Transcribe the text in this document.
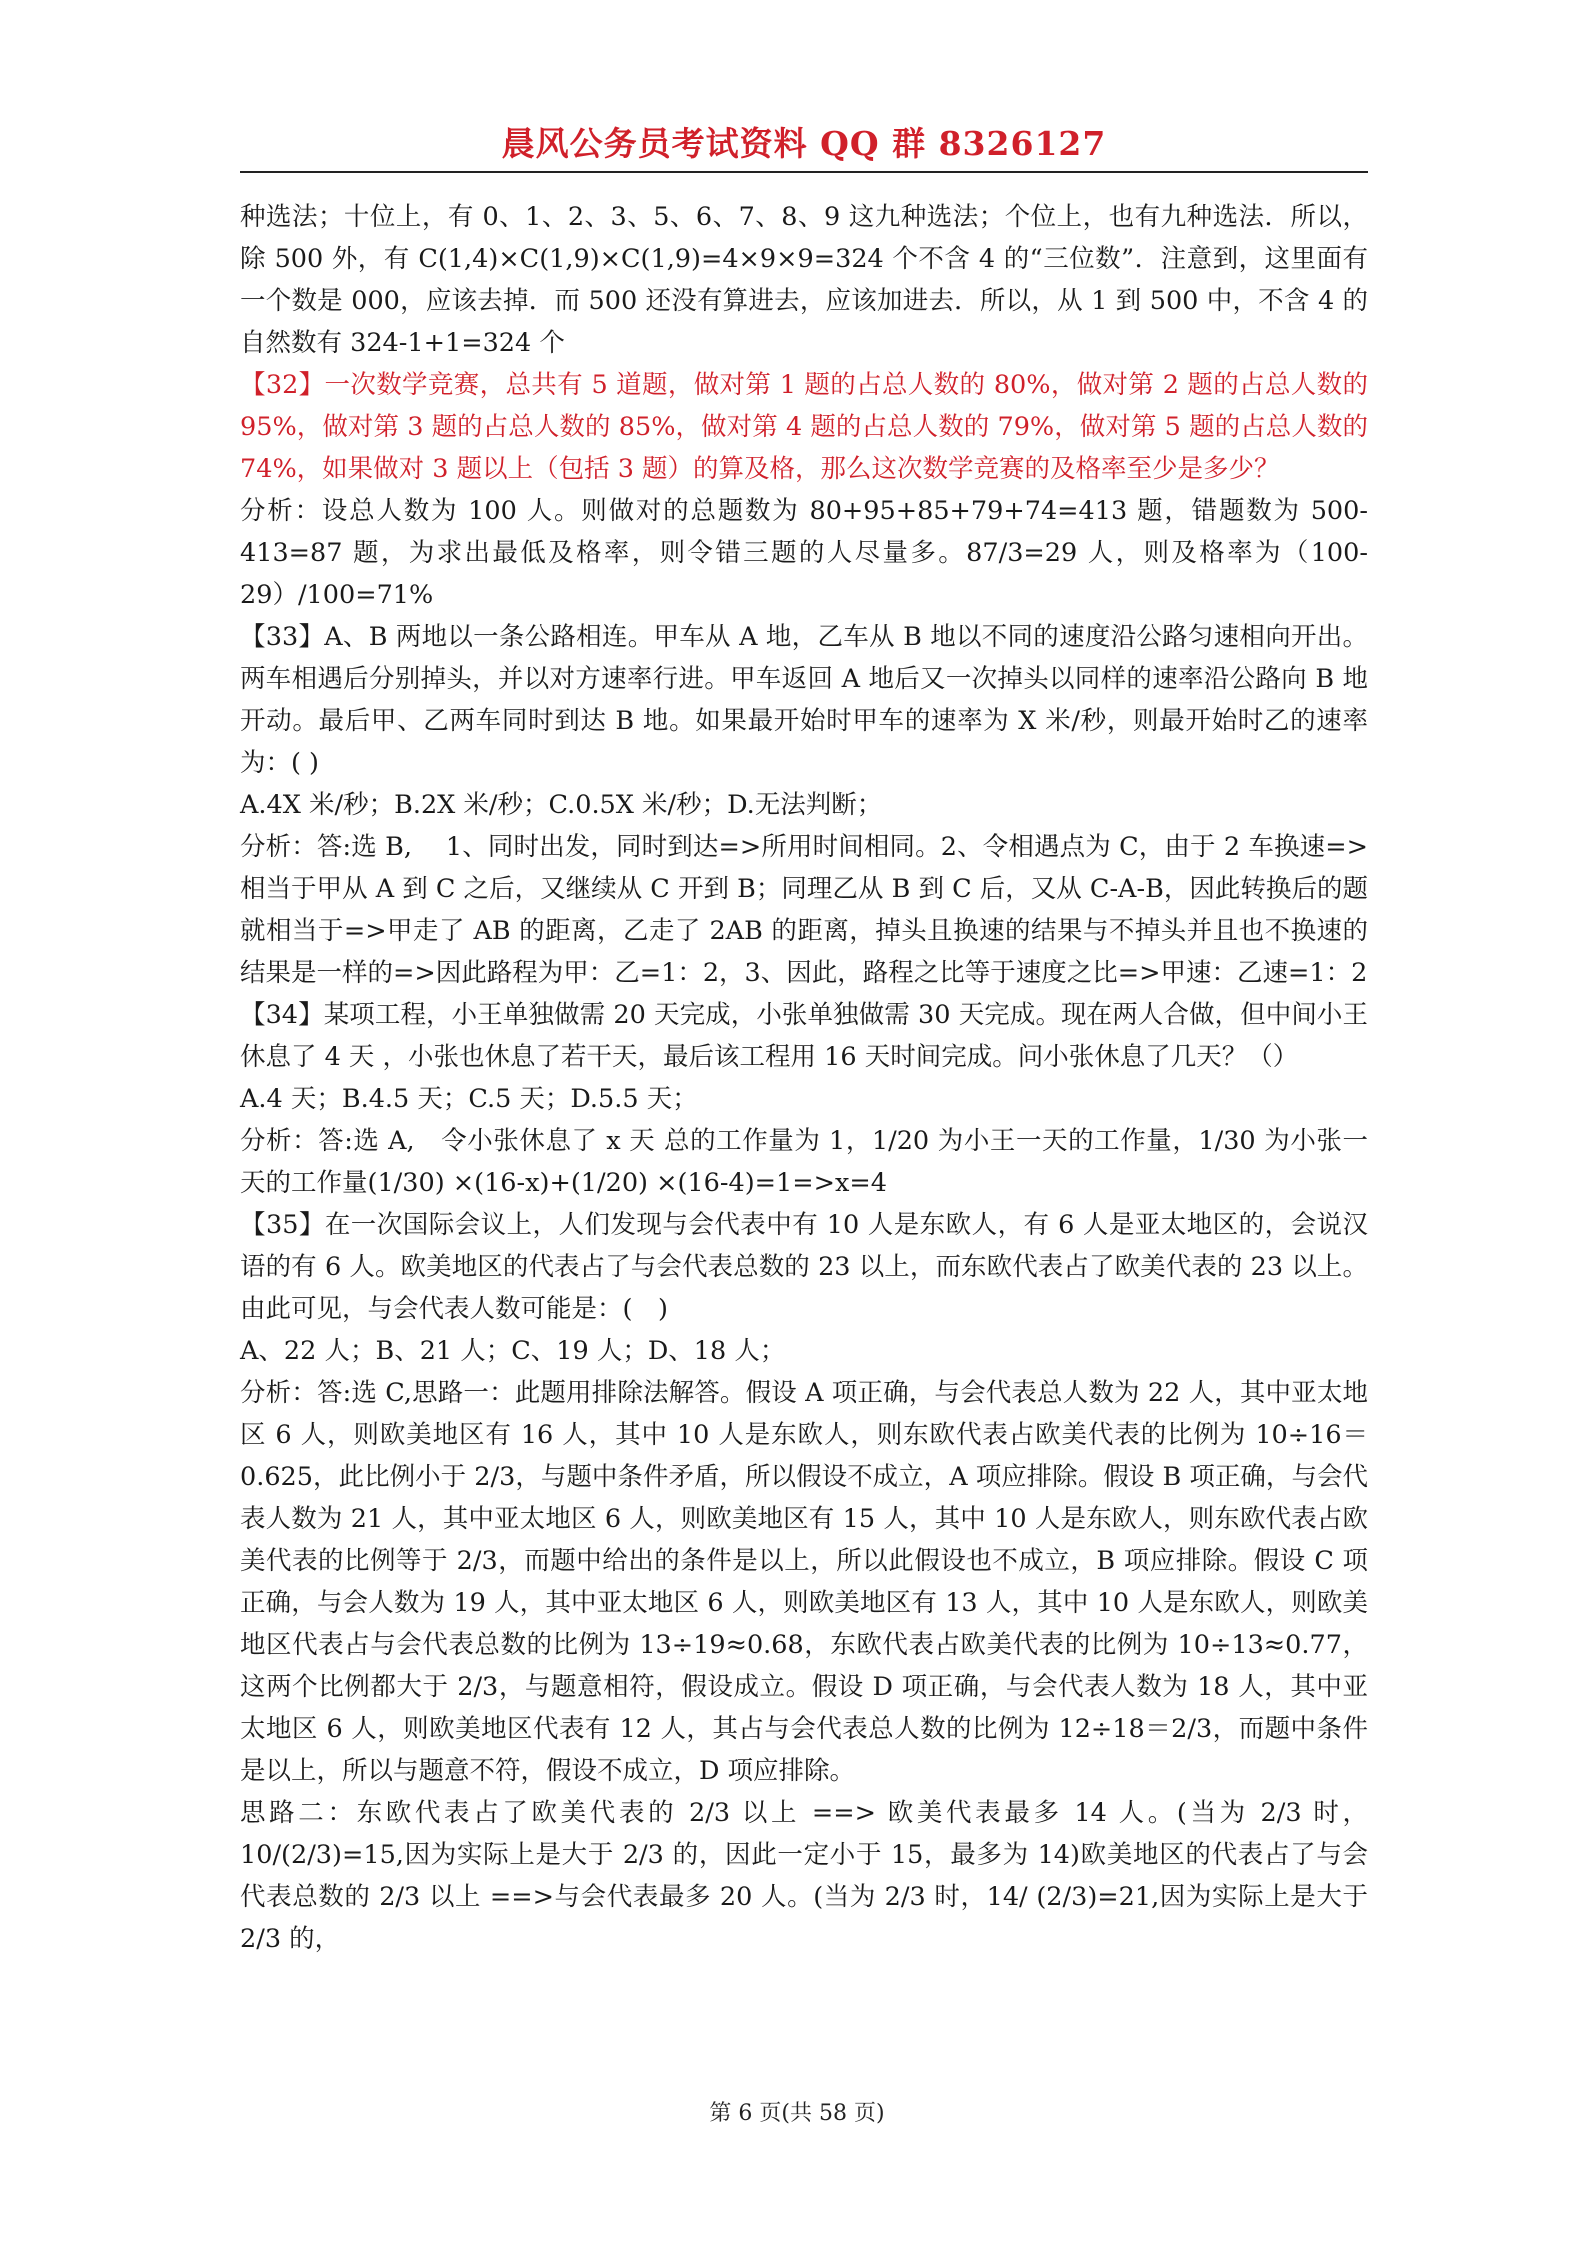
晨风公务员考试资料 QQ 群 8326127

种选法；十位上，有 0、1、2、3、5、6、7、8、9 这九种选法；个位上，也有九种选法．所以，除 500 外，有 C(1,4)×C(1,9)×C(1,9)=4×9×9=324 个不含 4 的“三位数”．注意到，这里面有一个数是 000，应该去掉．而 500 还没有算进去，应该加进去．所以，从 1 到 500 中，不含 4 的自然数有 324-1+1=324 个

【32】一次数学竞赛，总共有 5 道题，做对第 1 题的占总人数的 80%，做对第 2 题的占总人数的 95%，做对第 3 题的占总人数的 85%，做对第 4 题的占总人数的 79%，做对第 5 题的占总人数的 74%，如果做对 3 题以上（包括 3 题）的算及格，那么这次数学竞赛的及格率至少是多少？

分析：设总人数为 100 人。则做对的总题数为 80+95+85+79+74=413 题，错题数为 500-413=87 题，为求出最低及格率，则令错三题的人尽量多。87/3=29 人，则及格率为（100-29）/100=71%

【33】A、B 两地以一条公路相连。甲车从 A 地，乙车从 B 地以不同的速度沿公路匀速相向开出。两车相遇后分别掉头，并以对方速率行进。甲车返回 A 地后又一次掉头以同样的速率沿公路向 B 地开动。最后甲、乙两车同时到达 B 地。如果最开始时甲车的速率为 X 米/秒，则最开始时乙的速率为：( )

A.4X 米/秒；B.2X 米/秒；C.0.5X 米/秒；D.无法判断；

分析：答:选 B,　 1、同时出发，同时到达=>所用时间相同。2、令相遇点为 C，由于 2 车换速=>相当于甲从 A 到 C 之后，又继续从 C 开到 B；同理乙从 B 到 C 后，又从 C-A-B，因此转换后的题就相当于=>甲走了 AB 的距离，乙走了 2AB 的距离，掉头且换速的结果与不掉头并且也不换速的结果是一样的=>因此路程为甲：乙=1：2，3、因此，路程之比等于速度之比=>甲速：乙速=1：2

【34】某项工程，小王单独做需 20 天完成，小张单独做需 30 天完成。现在两人合做，但中间小王休息了 4 天 ，小张也休息了若干天，最后该工程用 16 天时间完成。问小张休息了几天？（）

A.4 天；B.4.5 天；C.5 天；D.5.5 天；

分析：答:选 A,　令小张休息了 x 天 总的工作量为 1，1/20 为小王一天的工作量，1/30 为小张一天的工作量(1/30) ×(16-x)+(1/20) ×(16-4)=1=>x=4

【35】在一次国际会议上，人们发现与会代表中有 10 人是东欧人，有 6 人是亚太地区的，会说汉语的有 6 人。欧美地区的代表占了与会代表总数的 23 以上，而东欧代表占了欧美代表的 23 以上。由此可见，与会代表人数可能是：(　)

A、22 人；B、21 人；C、19 人；D、18 人；

分析：答:选 C,思路一：此题用排除法解答。假设 A 项正确，与会代表总人数为 22 人，其中亚太地区 6 人，则欧美地区有 16 人，其中 10 人是东欧人，则东欧代表占欧美代表的比例为 10÷16＝0.625，此比例小于 2/3，与题中条件矛盾，所以假设不成立，A 项应排除。假设 B 项正确，与会代表人数为 21 人，其中亚太地区 6 人，则欧美地区有 15 人，其中 10 人是东欧人，则东欧代表占欧美代表的比例等于 2/3，而题中给出的条件是以上，所以此假设也不成立，B 项应排除。假设 C 项正确，与会人数为 19 人，其中亚太地区 6 人，则欧美地区有 13 人，其中 10 人是东欧人，则欧美地区代表占与会代表总数的比例为 13÷19≈0.68，东欧代表占欧美代表的比例为 10÷13≈0.77，这两个比例都大于 2/3，与题意相符，假设成立。假设 D 项正确，与会代表人数为 18 人，其中亚太地区 6 人，则欧美地区代表有 12 人，其占与会代表总人数的比例为 12÷18＝2/3，而题中条件是以上，所以与题意不符，假设不成立，D 项应排除。

思路二：东欧代表占了欧美代表的 2/3 以上 ==> 欧美代表最多 14 人。(当为 2/3 时，10/(2/3)=15,因为实际上是大于 2/3 的，因此一定小于 15，最多为 14)欧美地区的代表占了与会代表总数的 2/3 以上 ==>与会代表最多 20 人。(当为 2/3 时，14/ (2/3)=21,因为实际上是大于 2/3 的，

第 6 页(共 58 页)
